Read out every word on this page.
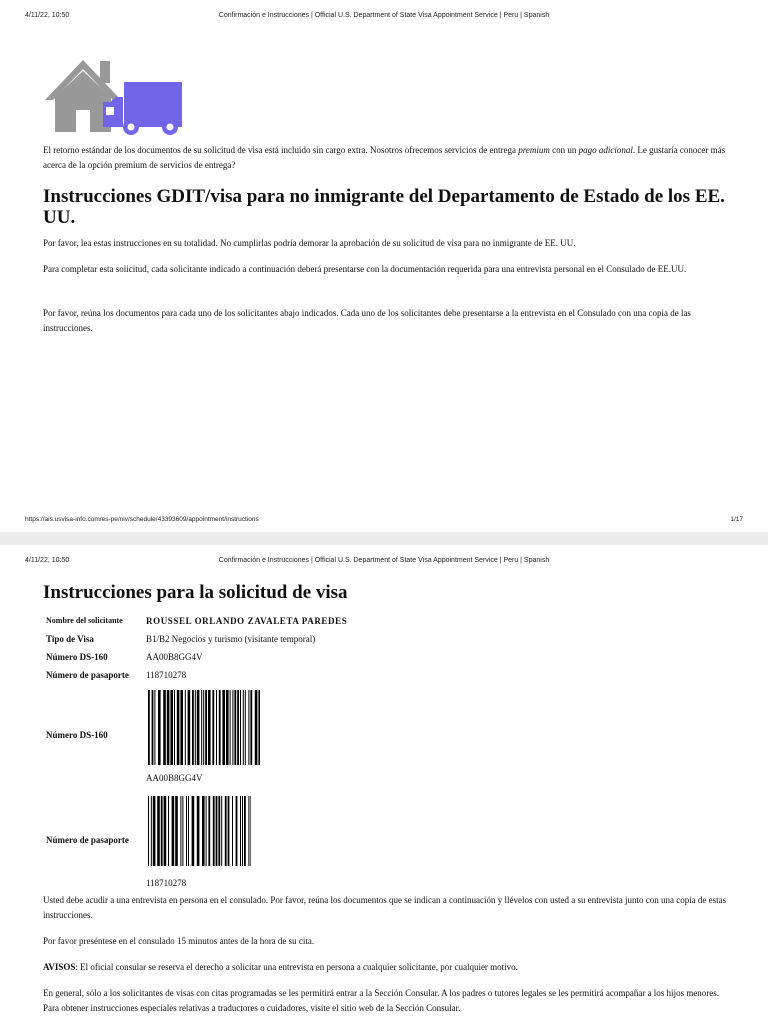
4/11/22, 10:50	Confirmación e Instrucciones | Official U.S. Department of State Visa Appointment Service | Peru | Spanish

El retorno estándar de los documentos de su solicitud de visa está incluido sin cargo extra. Nosotros ofrecemos servicios de entrega premium con un pago adicional. Le gustaría conocer más acerca de la opción premium de servicios de entrega?

Instrucciones GDIT/visa para no inmigrante del Departamento de Estado de los EE. UU.

Por favor, lea estas instrucciones en su totalidad. No cumplirlas podría demorar la aprobación de su solicitud de visa para no inmigrante de EE. UU.

Para completar esta solicitud, cada solicitante indicado a continuación deberá presentarse con la documentación requerida para una entrevista personal en el Consulado de EE.UU.

Por favor, reúna los documentos para cada uno de los solicitantes abajo indicados. Cada uno de los solicitantes debe presentarse a la entrevista en el Consulado con una copia de las instrucciones.

https://ais.usvisa-info.com/es-pe/niv/schedule/43393609/appointment/instructions	1/17
4/11/22, 10:50	Confirmación e Instrucciones | Official U.S. Department of State Visa Appointment Service | Peru | Spanish
Instrucciones para la solicitud de visa
Nombre del solicitante	ROUSSEL ORLANDO ZAVALETA PAREDES
Tipo de Visa	B1/B2 Negocios y turismo (visitante temporal)
Número DS-160	AA00B8GG4V
Número de pasaporte 118710278
Número DS-160
AA00B8GG4V
Número de pasaporte
118710278

Usted debe acudir a una entrevista en persona en el consulado. Por favor, reúna los documentos que se indican a continuación y llévelos con usted a su entrevista junto con una copia de estas instrucciones.

Por favor preséntese en el consulado 15 minutos antes de la hora de su cita.

AVISOS: El oficial consular se reserva el derecho a solicitar una entrevista en persona a cualquier solicitante, por cualquier motivo.

En general, sólo a los solicitantes de visas con citas programadas se les permitirá entrar a la Sección Consular. A los padres o tutores legales se les permitirá acompañar a los hijos menores. Para obtener instrucciones especiales relativas a traductores o cuidadores, visite el sitio web de la Sección Consular.
